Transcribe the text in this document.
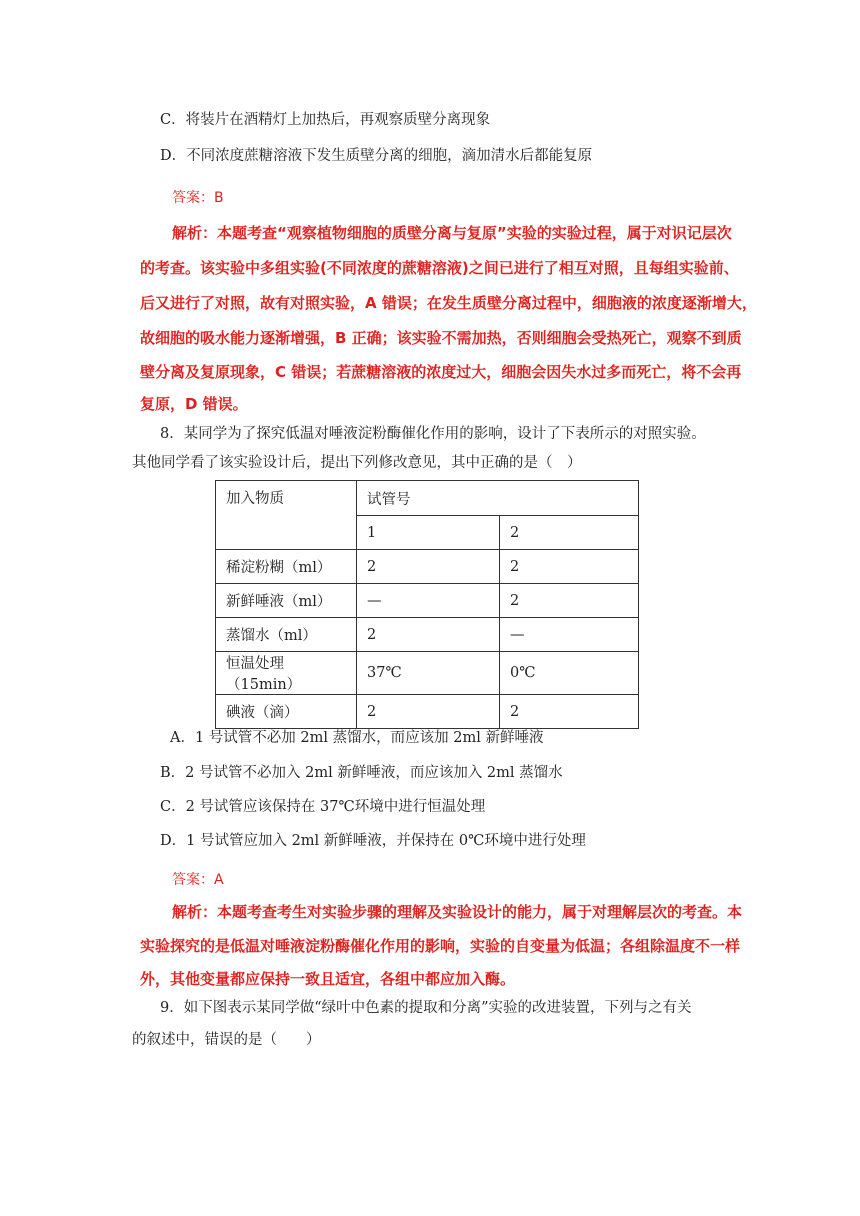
C．将装片在酒精灯上加热后，再观察质壁分离现象
D．不同浓度蔗糖溶液下发生质壁分离的细胞，滴加清水后都能复原
答案：B
解析：本题考查“观察植物细胞的质壁分离与复原”实验的实验过程，属于对识记层次
的考查。该实验中多组实验(不同浓度的蔗糖溶液)之间已进行了相互对照，且每组实验前、
后又进行了对照，故有对照实验，A 错误；在发生质壁分离过程中，细胞液的浓度逐渐增大，
故细胞的吸水能力逐渐增强，B 正确；该实验不需加热，否则细胞会受热死亡，观察不到质
壁分离及复原现象，C 错误；若蔗糖溶液的浓度过大，细胞会因失水过多而死亡，将不会再
复原，D 错误。
8．某同学为了探究低温对唾液淀粉酶催化作用的影响，设计了下表所示的对照实验。
其他同学看了该实验设计后，提出下列修改意见，其中正确的是（　）
加入物质	试管号	
	1	2
稀淀粉糊（ml）	2	2
新鲜唾液（ml）	—	2
蒸馏水（ml）	2	—
恒温处理（15min）	37℃	0℃
碘液（滴）	2	2
A．1 号试管不必加 2ml 蒸馏水，而应该加 2ml 新鲜唾液
B．2 号试管不必加入 2ml 新鲜唾液，而应该加入 2ml 蒸馏水
C．2 号试管应该保持在 37℃环境中进行恒温处理
D．1 号试管应加入 2ml 新鲜唾液，并保持在 0℃环境中进行处理
答案：A
解析：本题考查考生对实验步骤的理解及实验设计的能力，属于对理解层次的考查。本
实验探究的是低温对唾液淀粉酶催化作用的影响，实验的自变量为低温；各组除温度不一样
外，其他变量都应保持一致且适宜，各组中都应加入酶。
9．如下图表示某同学做“绿叶中色素的提取和分离”实验的改进装置，下列与之有关
的叙述中，错误的是（　　）
